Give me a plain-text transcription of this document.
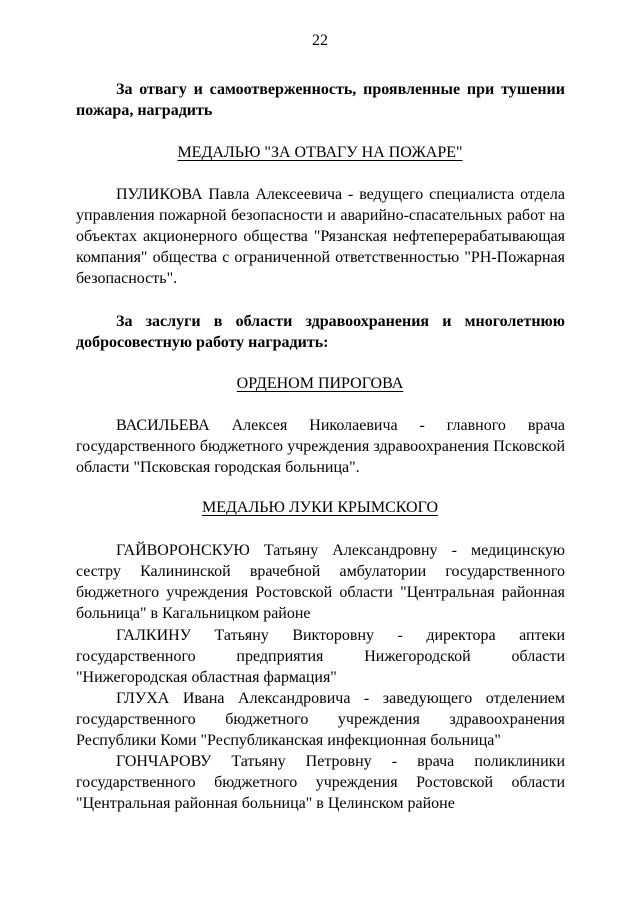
22
За отвагу и самоотверженность, проявленные при тушении пожара, наградить
МЕДАЛЬЮ "ЗА ОТВАГУ НА ПОЖАРЕ"
ПУЛИКОВА Павла Алексеевича - ведущего специалиста отдела управления пожарной безопасности и аварийно-спасательных работ на объектах акционерного общества "Рязанская нефтеперерабатывающая компания" общества с ограниченной ответственностью "РН-Пожарная безопасность".
За заслуги в области здравоохранения и многолетнюю добросовестную работу наградить:
ОРДЕНОМ ПИРОГОВА
ВАСИЛЬЕВА Алексея Николаевича - главного врача государственного бюджетного учреждения здравоохранения Псковской области "Псковская городская больница".
МЕДАЛЬЮ ЛУКИ КРЫМСКОГО
ГАЙВОРОНСКУЮ Татьяну Александровну - медицинскую сестру Калининской врачебной амбулатории государственного бюджетного учреждения Ростовской области "Центральная районная больница" в Кагальницком районе
ГАЛКИНУ Татьяну Викторовну - директора аптеки государственного предприятия Нижегородской области "Нижегородская областная фармация"
ГЛУХА Ивана Александровича - заведующего отделением государственного бюджетного учреждения здравоохранения Республики Коми "Республиканская инфекционная больница"
ГОНЧАРОВУ Татьяну Петровну - врача поликлиники государственного бюджетного учреждения Ростовской области "Центральная районная больница" в Целинском районе
